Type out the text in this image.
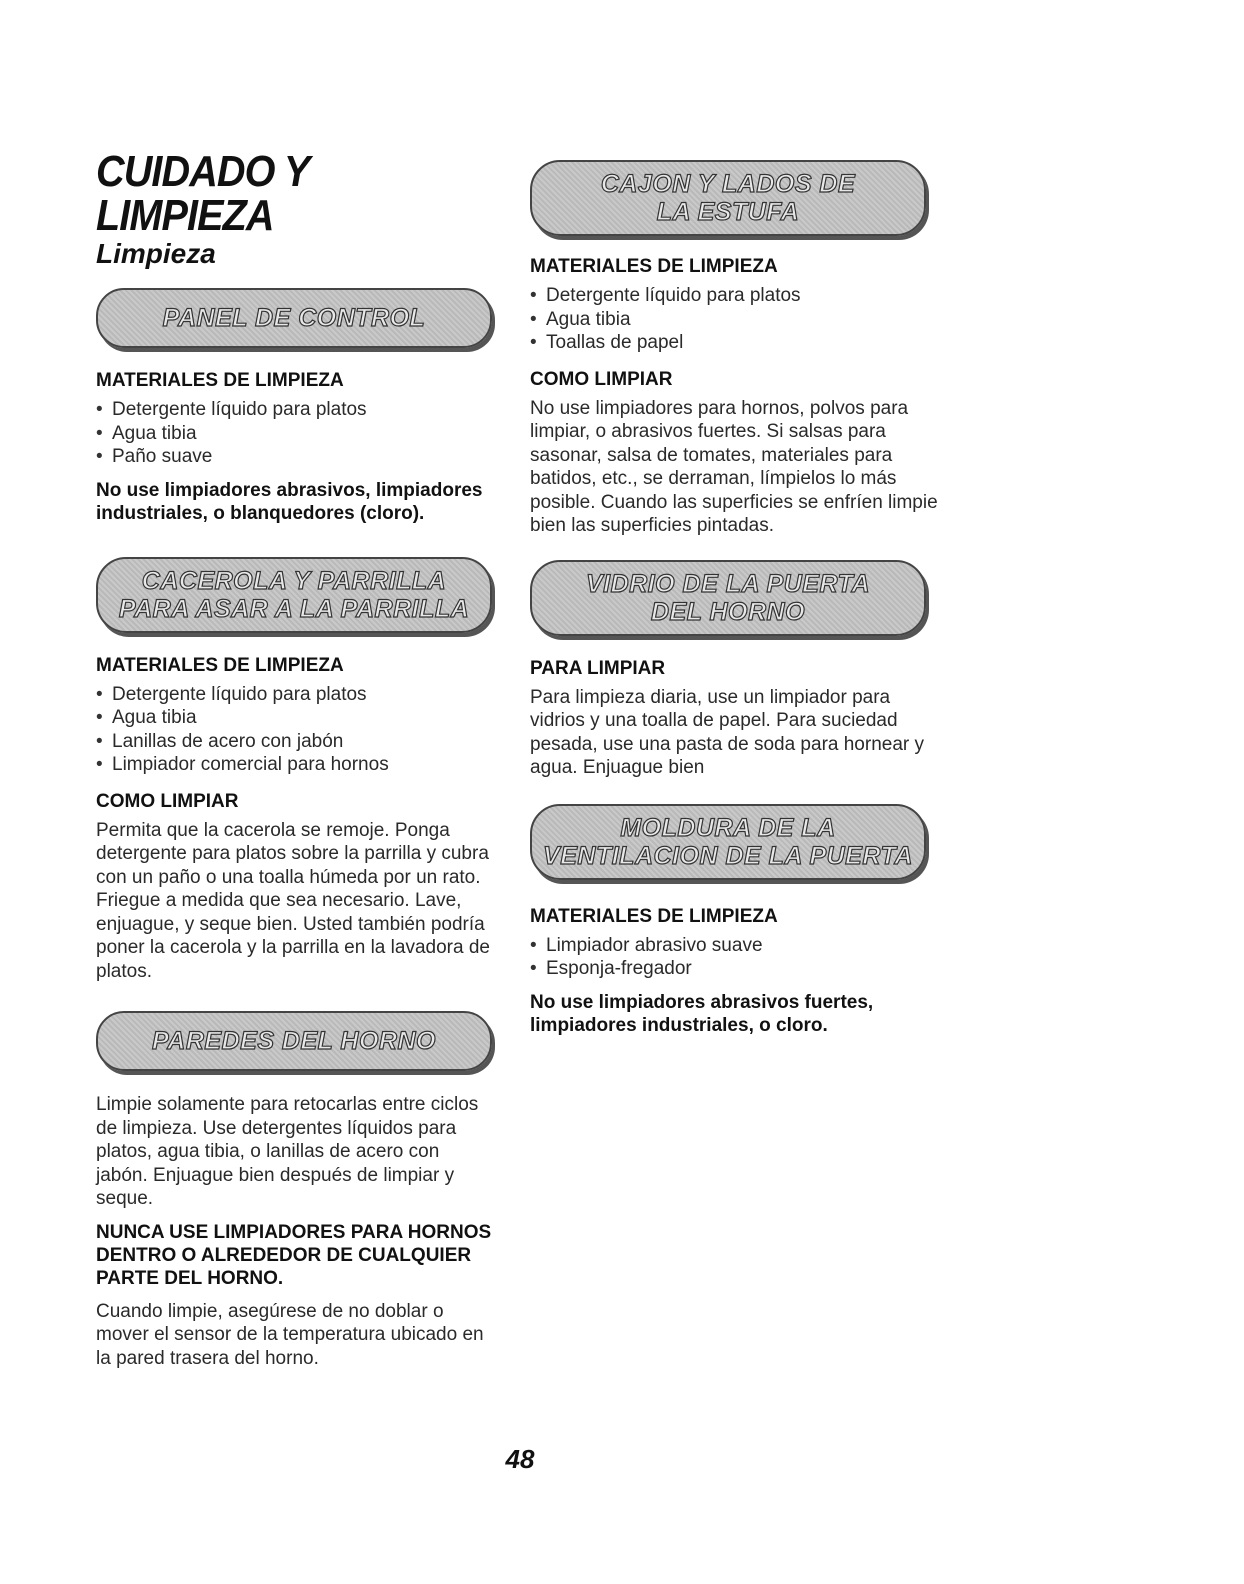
CUIDADO Y LIMPIEZA
Limpieza
PANEL DE CONTROL
MATERIALES DE LIMPIEZA
• Detergente líquido para platos
• Agua tibia
• Paño suave
No use limpiadores abrasivos, limpiadores industriales, o blanquedores (cloro).
CACEROLA Y PARRILLA
PARA ASAR A LA PARRILLA
MATERIALES DE LIMPIEZA
• Detergente líquido para platos
• Agua tibia
• Lanillas de acero con jabón
• Limpiador comercial para hornos
COMO LIMPIAR

Permita que la cacerola se remoje. Ponga detergente para platos sobre la parrilla y cubra con un paño o una toalla húmeda por un rato. Friegue a medida que sea necesario. Lave, enjuague, y seque bien. Usted también podría poner la cacerola y la parrilla en la lavadora de platos.

PAREDES DEL HORNO

Limpie solamente para retocarlas entre ciclos de limpieza. Use detergentes líquidos para platos, agua tibia, o lanillas de acero con jabón. Enjuague bien después de limpiar y seque.

NUNCA USE LIMPIADORES PARA HORNOS DENTRO O ALREDEDOR DE CUALQUIER PARTE DEL HORNO.

Cuando limpie, asegúrese de no doblar o mover el sensor de la temperatura ubicado en la pared trasera del horno.

CAJON Y LADOS DE
LA ESTUFA
MATERIALES DE LIMPIEZA
• Detergente líquido para platos
• Agua tibia
• Toallas de papel
COMO LIMPIAR

No use limpiadores para hornos, polvos para limpiar, o abrasivos fuertes. Si salsas para sasonar, salsa de tomates, materiales para batidos, etc., se derraman, límpielos lo más posible. Cuando las superficies se enfríen limpie bien las superficies pintadas.

VIDRIO DE LA PUERTA
DEL HORNO
PARA LIMPIAR

Para limpieza diaria, use un limpiador para vidrios y una toalla de papel. Para suciedad pesada, use una pasta de soda para hornear y agua. Enjuague bien

MOLDURA DE LA
VENTILACION DE LA PUERTA
MATERIALES DE LIMPIEZA
• Limpiador abrasivo suave
• Esponja-fregador
No use limpiadores abrasivos fuertes, limpiadores industriales, o cloro.
48
